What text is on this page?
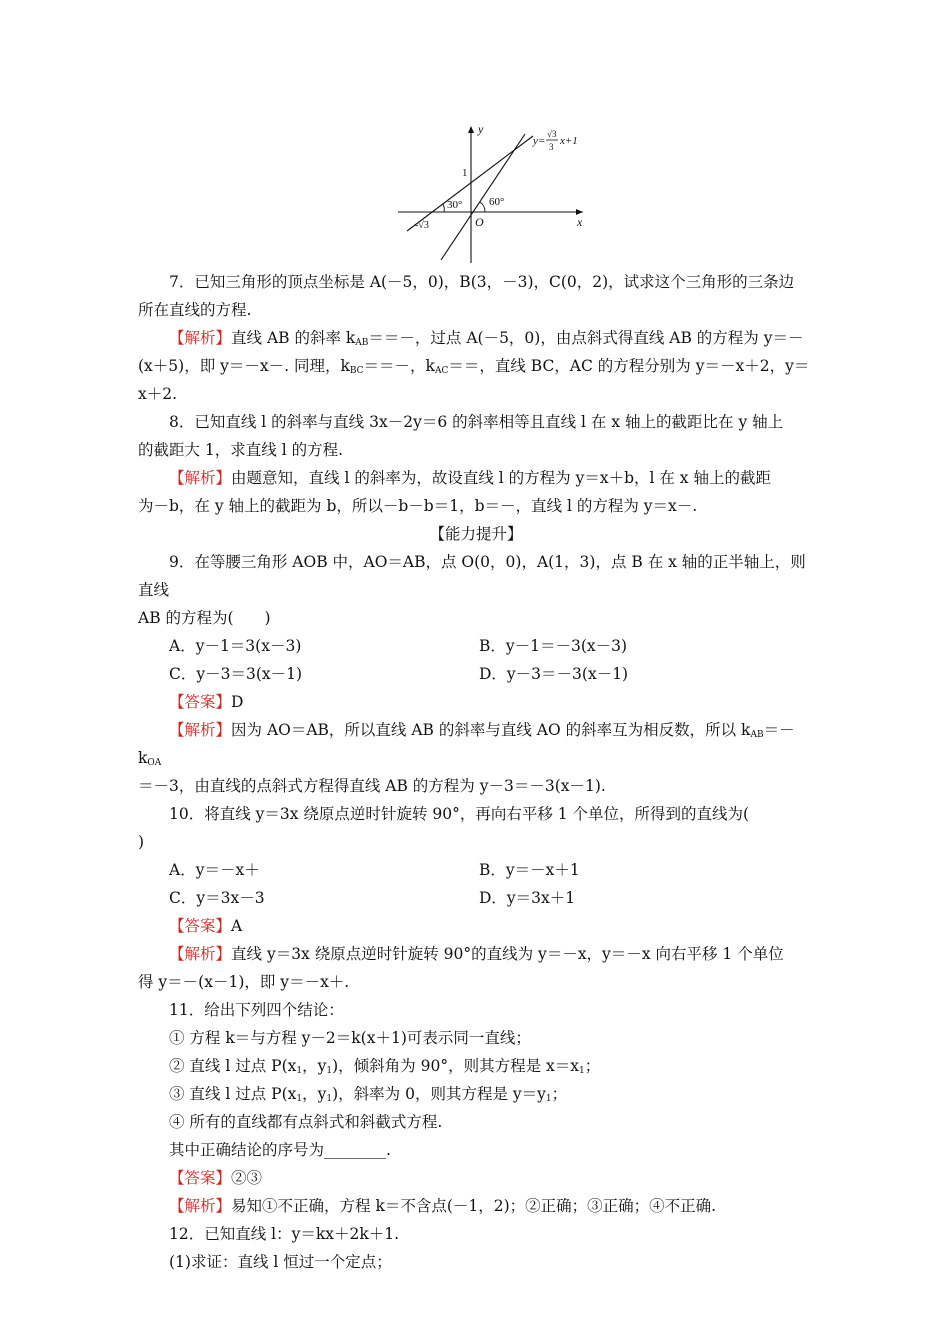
y
x
O
1
-√3
30° 60°
y=
√3
3 x+1

7．已知三角形的顶点坐标是 A(－5，0)，B(3，－3)，C(0，2)，试求这个三角形的三条边

所在直线的方程.

【解析】直线 AB 的斜率 $k_{AB}==-$，过点 A(－5，0)，由点斜式得直线 AB 的方程为 y＝－

(x＋5)，即 y＝－x－. 同理，$k_{BC}==-$，$k_{AC}==$，直线 BC，AC 的方程分别为 y＝－x＋2，y＝

x＋2.

8．已知直线 l 的斜率与直线 3x－2y＝6 的斜率相等且直线 l 在 x 轴上的截距比在 y 轴上

的截距大 1，求直线 l 的方程.

【解析】由题意知，直线 l 的斜率为，故设直线 l 的方程为 y＝x＋b，l 在 x 轴上的截距

为－b，在 y 轴上的截距为 b，所以－b－b＝1，b＝－，直线 l 的方程为 y＝x－.

【能力提升】

9．在等腰三角形 AOB 中，AO＝AB，点 O(0，0)，A(1，3)，点 B 在 x 轴的正半轴上，则直线

AB 的方程为(　　)

A．y－1＝3(x－3)	B．y－1＝－3(x－3)
C．y－3＝3(x－1)	D．y－3＝－3(x－1)

【答案】D

【解析】因为 AO＝AB，所以直线 AB 的斜率与直线 AO 的斜率互为相反数，所以 $k_{AB}=-k_{OA}$

＝－3，由直线的点斜式方程得直线 AB 的方程为 y－3＝－3(x－1).

10．将直线 y＝3x 绕原点逆时针旋转 90°，再向右平移 1 个单位，所得到的直线为(

)

A．y＝－x＋	B．y＝－x＋1
C．y＝3x－3	D．y＝3x＋1

【答案】A

【解析】直线 y＝3x 绕原点逆时针旋转 90°的直线为 y＝－x，y＝－x 向右平移 1 个单位

得 y＝－(x－1)，即 y＝－x＋.

11．给出下列四个结论：

① 方程 k＝与方程 y－2＝k(x＋1)可表示同一直线；

② 直线 l 过点 $P(x_1$，$y_1$)，倾斜角为 90°，则其方程是 $x=x_1$；

③ 直线 l 过点 $P(x_1$，$y_1$)，斜率为 0，则其方程是 $y=y_1$；

④ 所有的直线都有点斜式和斜截式方程.

其中正确结论的序号为________.

【答案】②③

【解析】易知①不正确，方程 k＝不含点(－1，2)；②正确；③正确；④不正确.

12．已知直线 l：y＝kx＋2k＋1.

(1)求证：直线 l 恒过一个定点；
